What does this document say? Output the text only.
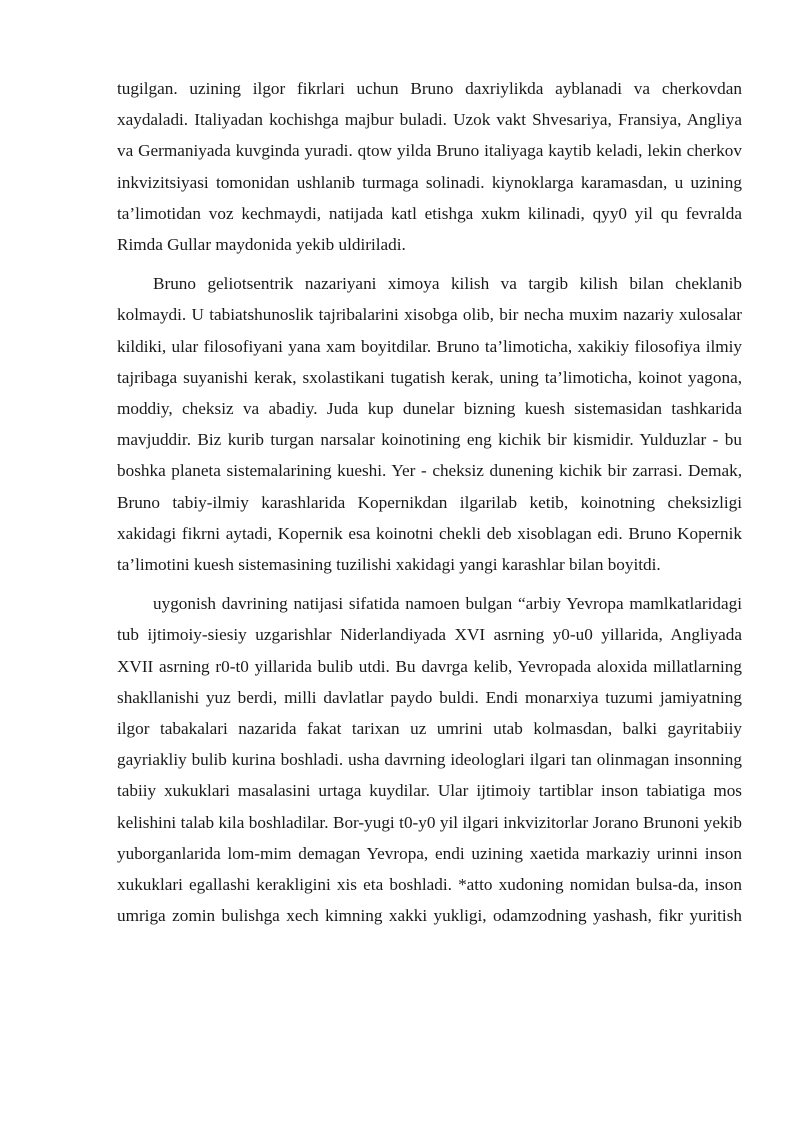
tugilgan. uzining ilgor fikrlari uchun Bruno daxriylikda ayblanadi va cherkovdan xaydaladi. Italiyadan kochishga majbur buladi. Uzok vakt Shvesariya, Fransiya, Angliya va Germaniyada kuvginda yuradi. qtow yilda Bruno italiyaga kaytib keladi, lekin cherkov inkvizitsiyasi tomonidan ushlanib turmaga solinadi. kiynoklarga karamasdan, u uzining ta’limotidan voz kechmaydi, natijada katl etishga xukm kilinadi, qyy0 yil qu fevralda Rimda Gullar maydonida yekib uldiriladi.

Bruno geliotsentrik nazariyani ximoya kilish va targib kilish bilan cheklanib kolmaydi. U tabiatshunoslik tajribalarini xisobga olib, bir necha muxim nazariy xulosalar kildiki, ular filosofiyani yana xam boyitdilar. Bruno ta’limoticha, xakikiy filosofiya ilmiy tajribaga suyanishi kerak, sxolastikani tugatish kerak, uning ta’limoticha, koinot yagona, moddiy, cheksiz va abadiy. Juda kup dunelar bizning kuesh sistemasidan tashkarida mavjuddir. Biz kurib turgan narsalar koinotining eng kichik bir kismidir. Yulduzlar - bu boshka planeta sistemalarining kueshi. Yer - cheksiz dunening kichik bir zarrasi. Demak, Bruno tabiy-ilmiy karashlarida Kopernikdan ilgarilab ketib, koinotning cheksizligi xakidagi fikrni aytadi, Kopernik esa koinotni chekli deb xisoblagan edi. Bruno Kopernik ta’limotini kuesh sistemasining tuzilishi xakidagi yangi karashlar bilan boyitdi.

uygonish davrining natijasi sifatida namoen bulgan “arbiy Yevropa mamlkatlaridagi tub ijtimoiy-siesiy uzgarishlar Niderlandiyada XVI asrning y0-u0 yillarida, Angliyada XVII asrning r0-t0 yillarida bulib utdi. Bu davrga kelib, Yevropada aloxida millatlarning shakllanishi yuz berdi, milli davlatlar paydo buldi. Endi monarxiya tuzumi jamiyatning ilgor tabakalari nazarida fakat tarixan uz umrini utab kolmasdan, balki gayritabiiy gayriakliy bulib kurina boshladi. usha davrning ideologlari ilgari tan olinmagan insonning tabiiy xukuklari masalasini urtaga kuydilar. Ular ijtimoiy tartiblar inson tabiatiga mos kelishini talab kila boshladilar. Bor-yugi t0-y0 yil ilgari inkvizitorlar Jorano Brunoni yekib yuborganlarida lom-mim demagan Yevropa, endi uzining xaetida markaziy urinni inson xukuklari egallashi kerakligini xis eta boshladi. *atto xudoning nomidan bulsa-da, inson umriga zomin bulishga xech kimning xakki yukligi, odamzodning yashash, fikr yuritish
